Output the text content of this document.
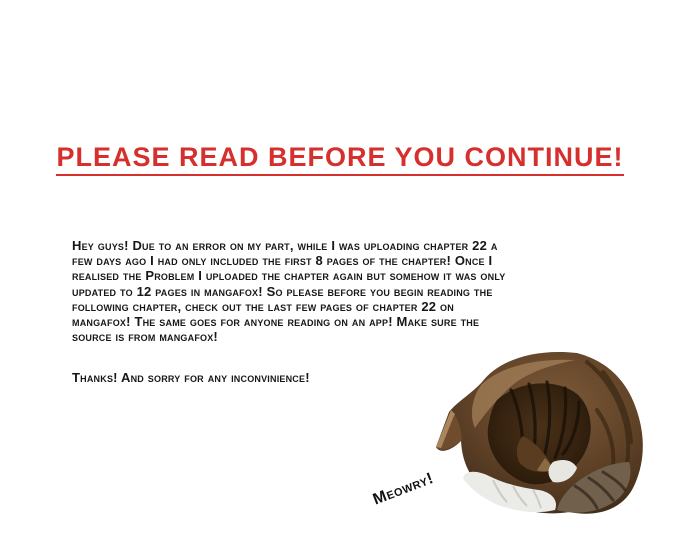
PLEASE READ BEFORE YOU CONTINUE!
Hey guys! Due to an error on my part, while I was uploading chapter 22 a
few days ago I had only included the first 8 pages of the chapter! Once I
realised the Problem I uploaded the chapter again but somehow it was only
updated to 12 pages in mangafox! So please before you begin reading the
following chapter, check out the last few pages of chapter 22 on
mangafox! The same goes for anyone reading on an app! Make sure the
source is from mangafox!
Thanks! And sorry for any inconvinience!
Meowry!
